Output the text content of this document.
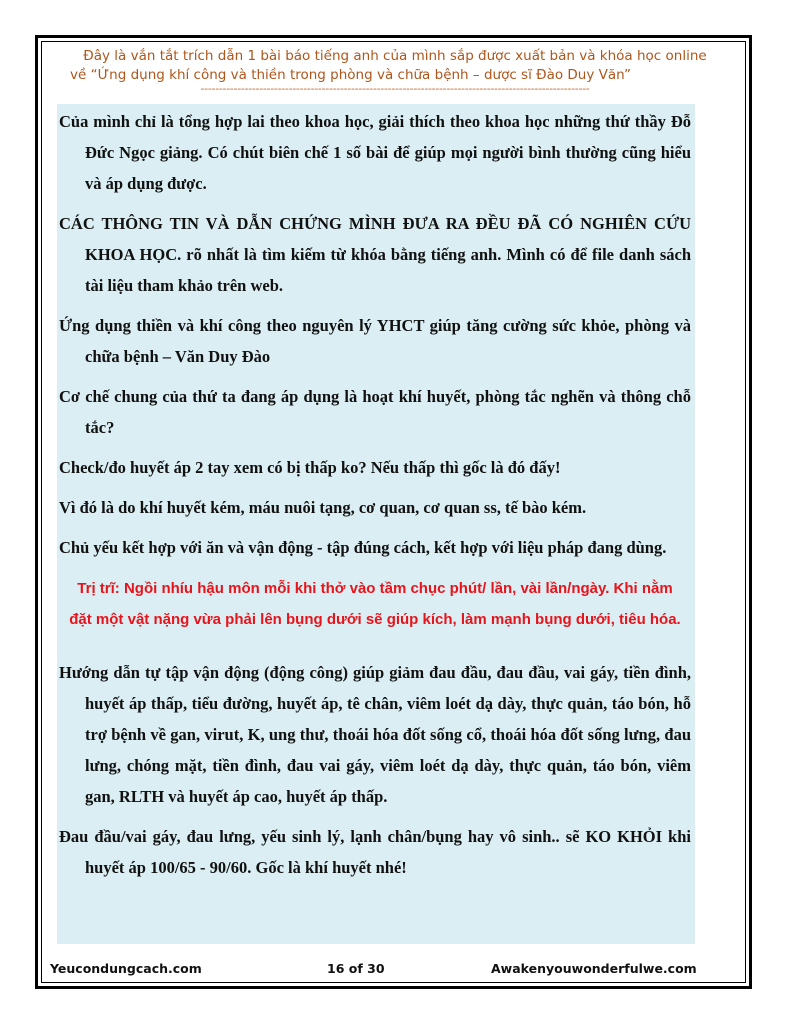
Đây là vắn tắt trích dẫn 1 bài báo tiếng anh của mình sắp được xuất bản và khóa học online

về “Ứng dụng khí công và thiền trong phòng và chữa bệnh – dược sĩ Đào Duy Văn”
----------------------------------------------------------------------------------------------------------

Của mình chỉ là tổng hợp lai theo khoa học, giải thích theo khoa học những thứ thầy Đỗ Đức Ngọc giảng. Có chút biên chế 1 số bài để giúp mọi người bình thường cũng hiểu và áp dụng được.

CÁC THÔNG TIN VÀ DẪN CHỨNG MÌNH ĐƯA RA ĐỀU ĐÃ CÓ NGHIÊN CỨU KHOA HỌC. rõ nhất là tìm kiếm từ khóa bằng tiếng anh. Mình có để file danh sách tài liệu tham khảo trên web.

Ứng dụng thiền và khí công theo nguyên lý YHCT giúp tăng cường sức khỏe, phòng và chữa bệnh – Văn Duy Đào

Cơ chế chung của thứ ta đang áp dụng là hoạt khí huyết, phòng tắc nghẽn và thông chỗ tắc?

Check/đo huyết áp 2 tay xem có bị thấp ko? Nếu thấp thì gốc là đó đấy!

Vì đó là do khí huyết kém, máu nuôi tạng, cơ quan, cơ quan ss, tế bào kém.

Chủ yếu kết hợp với ăn và vận động - tập đúng cách, kết hợp với liệu pháp đang dùng.

Trị trĩ: Ngồi nhíu hậu môn mỗi khi thở vào tầm chục phút/ lần, vài lần/ngày. Khi nằm đặt một vật nặng vừa phải lên bụng dưới sẽ giúp kích, làm mạnh bụng dưới, tiêu hóa.

Hướng dẫn tự tập vận động (động công) giúp giảm đau đầu, đau đầu, vai gáy, tiền đình, huyết áp thấp, tiểu đường, huyết áp, tê chân, viêm loét dạ dày, thực quản, táo bón, hỗ trợ bệnh về gan, virut, K, ung thư, thoái hóa đốt sống cổ, thoái hóa đốt sống lưng, đau lưng, chóng mặt, tiền đình, đau vai gáy, viêm loét dạ dày, thực quản, táo bón, viêm gan, RLTH và huyết áp cao, huyết áp thấp.

Đau đầu/vai gáy, đau lưng, yếu sinh lý, lạnh chân/bụng hay vô sinh.. sẽ KO KHỎI khi huyết áp 100/65 - 90/60. Gốc là khí huyết nhé!

Yeucondungcach.com	16 of 30	Awakenyouwonderfulwe.com
